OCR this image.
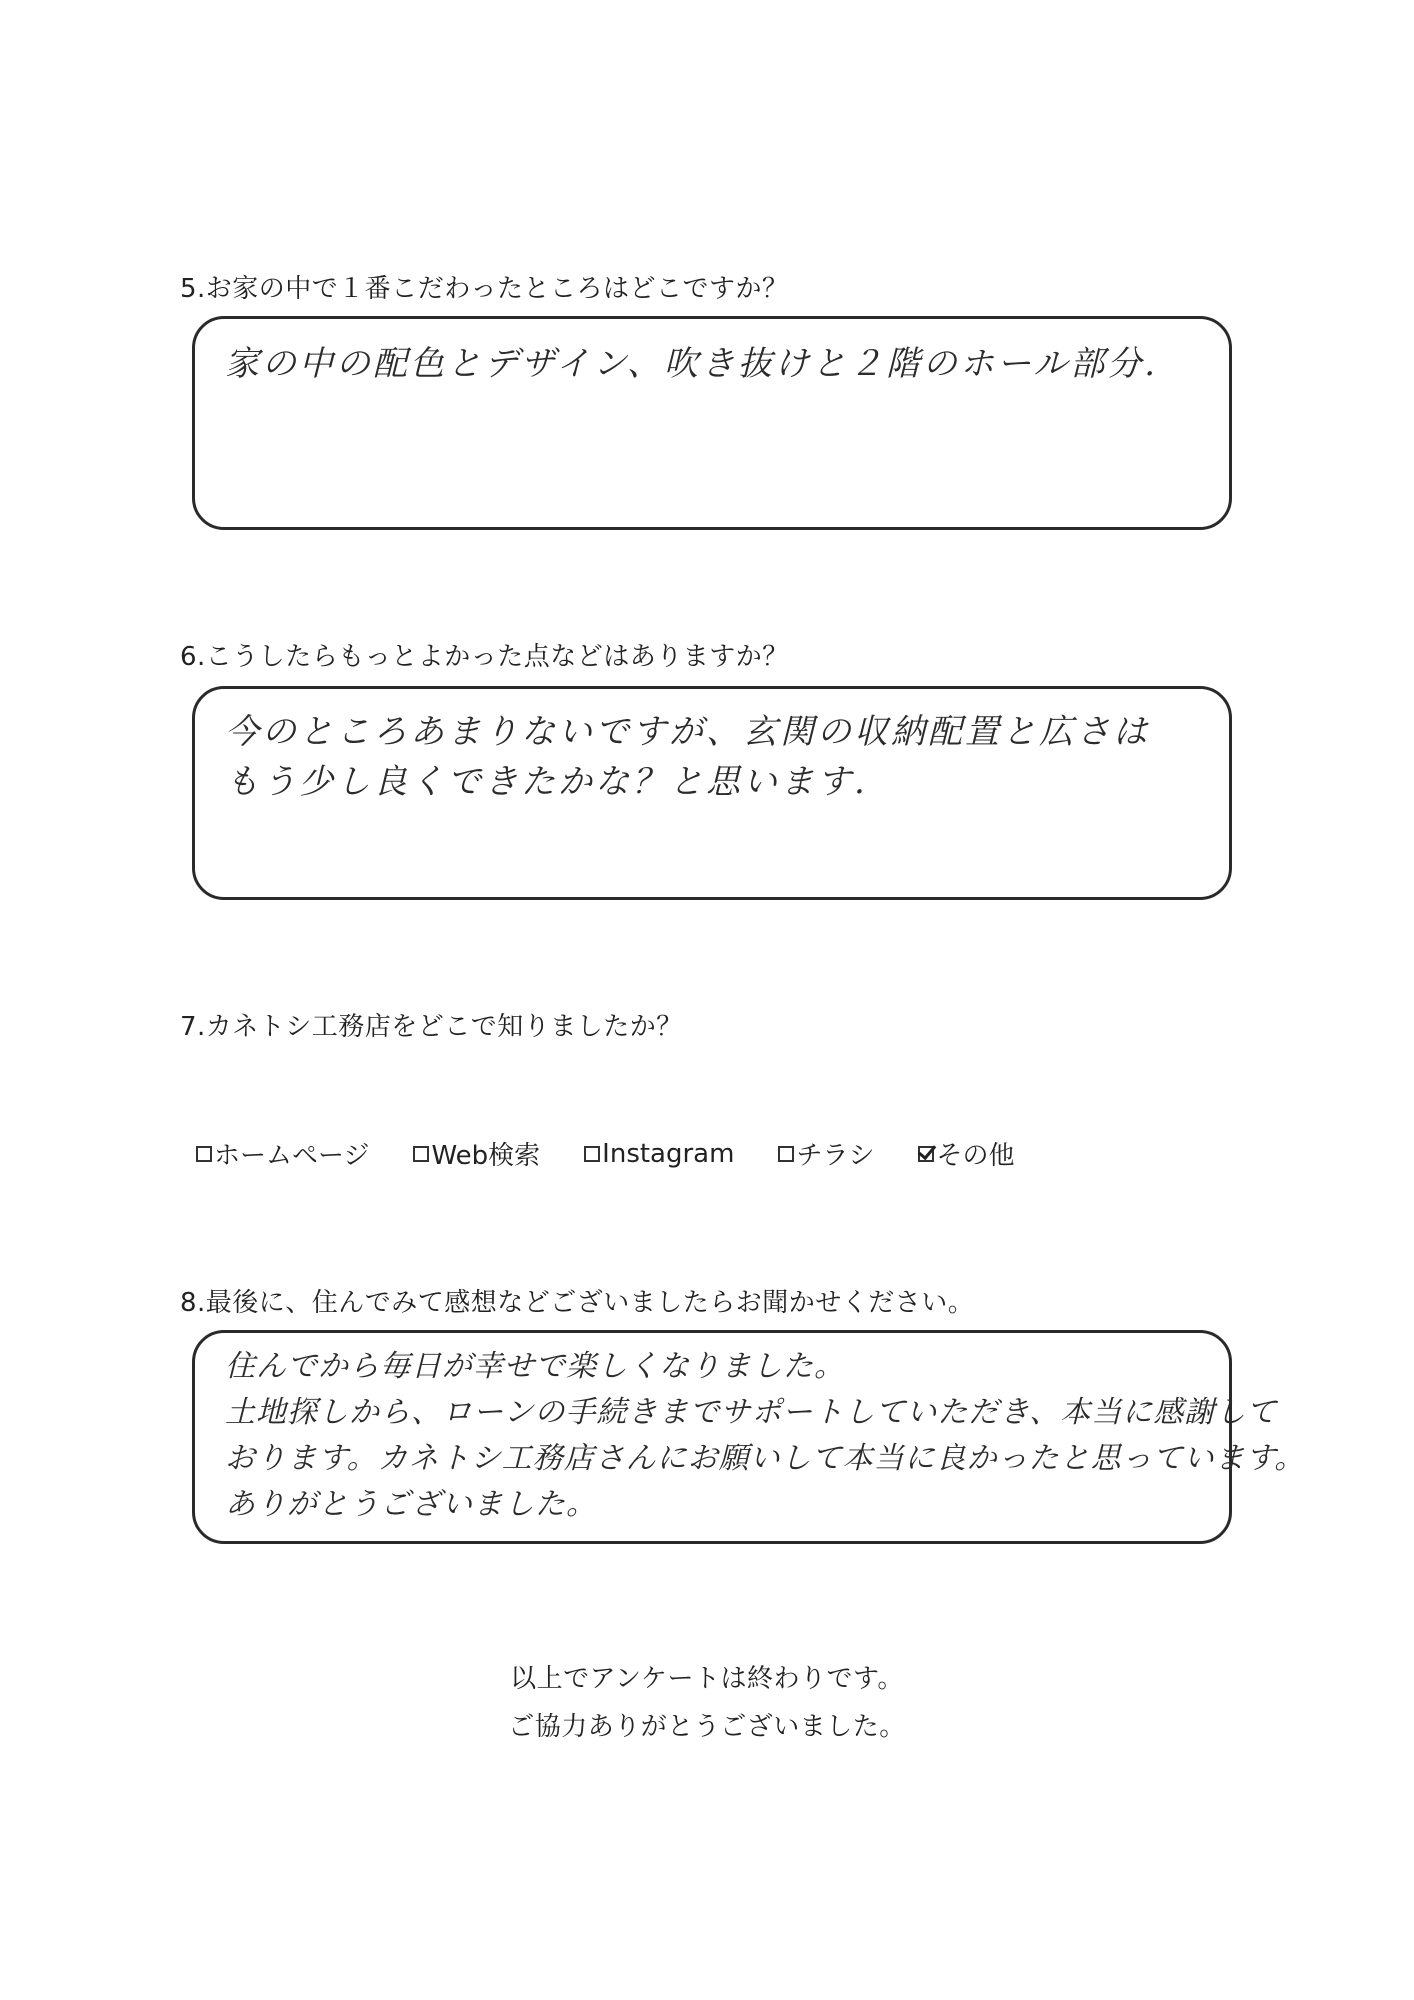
5.お家の中で１番こだわったところはどこですか？
家の中の配色とデザイン、吹き抜けと２階のホール部分.
6.こうしたらもっとよかった点などはありますか？
今のところあまりないですが、玄関の収納配置と広さは
もう少し良くできたかな？と思います.
7.カネトシ工務店をどこで知りましたか？
ホームページ Web検索 Instagram チラシ その他
8.最後に、住んでみて感想などございましたらお聞かせください。
住んでから毎日が幸せで楽しくなりました。
土地探しから、ローンの手続きまでサポートしていただき、本当に感謝して
おります。カネトシ工務店さんにお願いして本当に良かったと思っています。
ありがとうございました。
以上でアンケートは終わりです。
ご協力ありがとうございました。
